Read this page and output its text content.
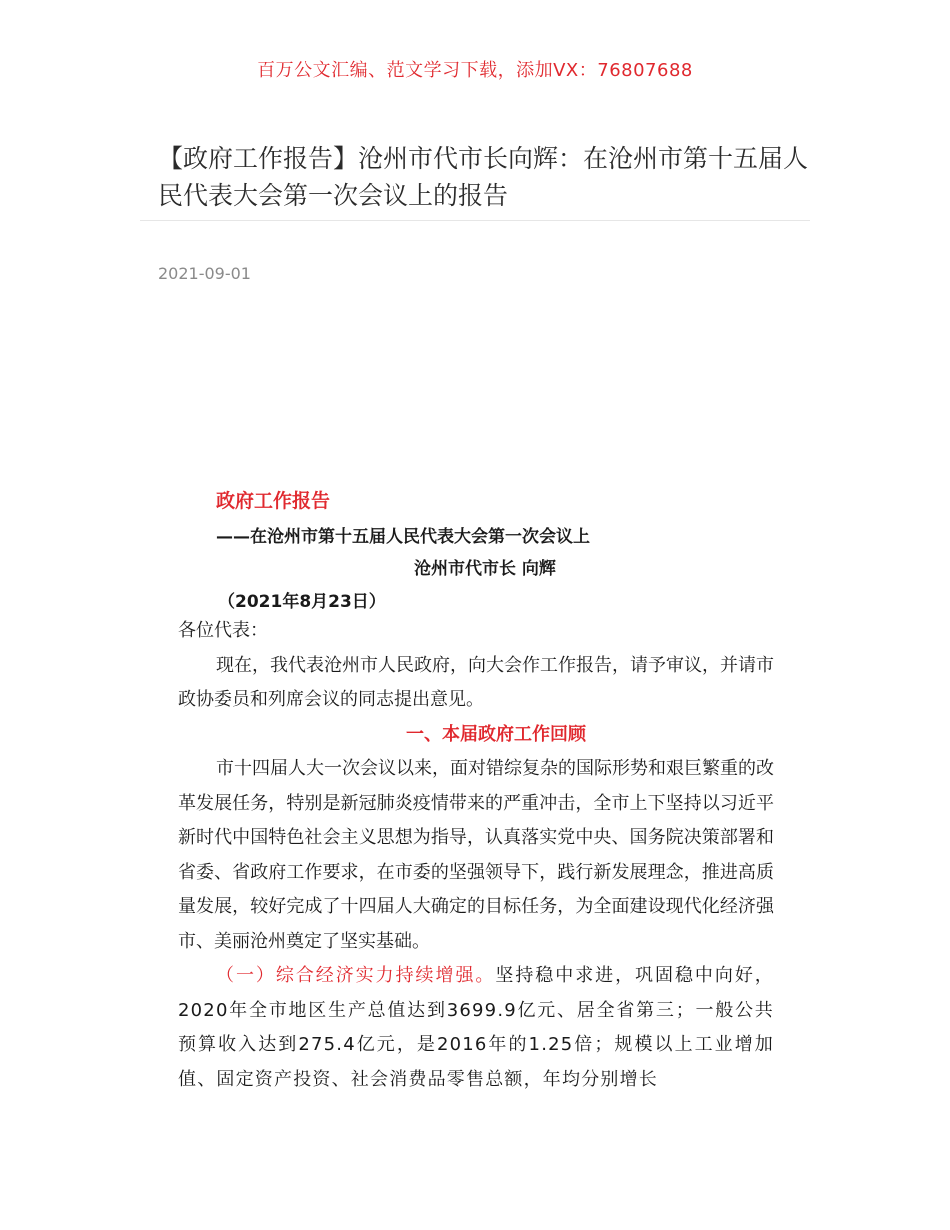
百万公文汇编、范文学习下载，添加VX：76807688
【政府工作报告】沧州市代市长向辉：在沧州市第十五届人民代表大会第一次会议上的报告
2021-09-01
政府工作报告
——在沧州市第十五届人民代表大会第一次会议上
沧州市代市长 向辉
（2021年8月23日）

各位代表：

现在，我代表沧州市人民政府，向大会作工作报告，请予审议，并请市政协委员和列席会议的同志提出意见。

一、本届政府工作回顾

市十四届人大一次会议以来，面对错综复杂的国际形势和艰巨繁重的改革发展任务，特别是新冠肺炎疫情带来的严重冲击，全市上下坚持以习近平新时代中国特色社会主义思想为指导，认真落实党中央、国务院决策部署和省委、省政府工作要求，在市委的坚强领导下，践行新发展理念，推进高质量发展，较好完成了十四届人大确定的目标任务，为全面建设现代化经济强市、美丽沧州奠定了坚实基础。

（一）综合经济实力持续增强。坚持稳中求进，巩固稳中向好，2020年全市地区生产总值达到3699.9亿元、居全省第三；一般公共预算收入达到275.4亿元，是2016年的1.25倍；规模以上工业增加值、固定资产投资、社会消费品零售总额，年均分别增长
